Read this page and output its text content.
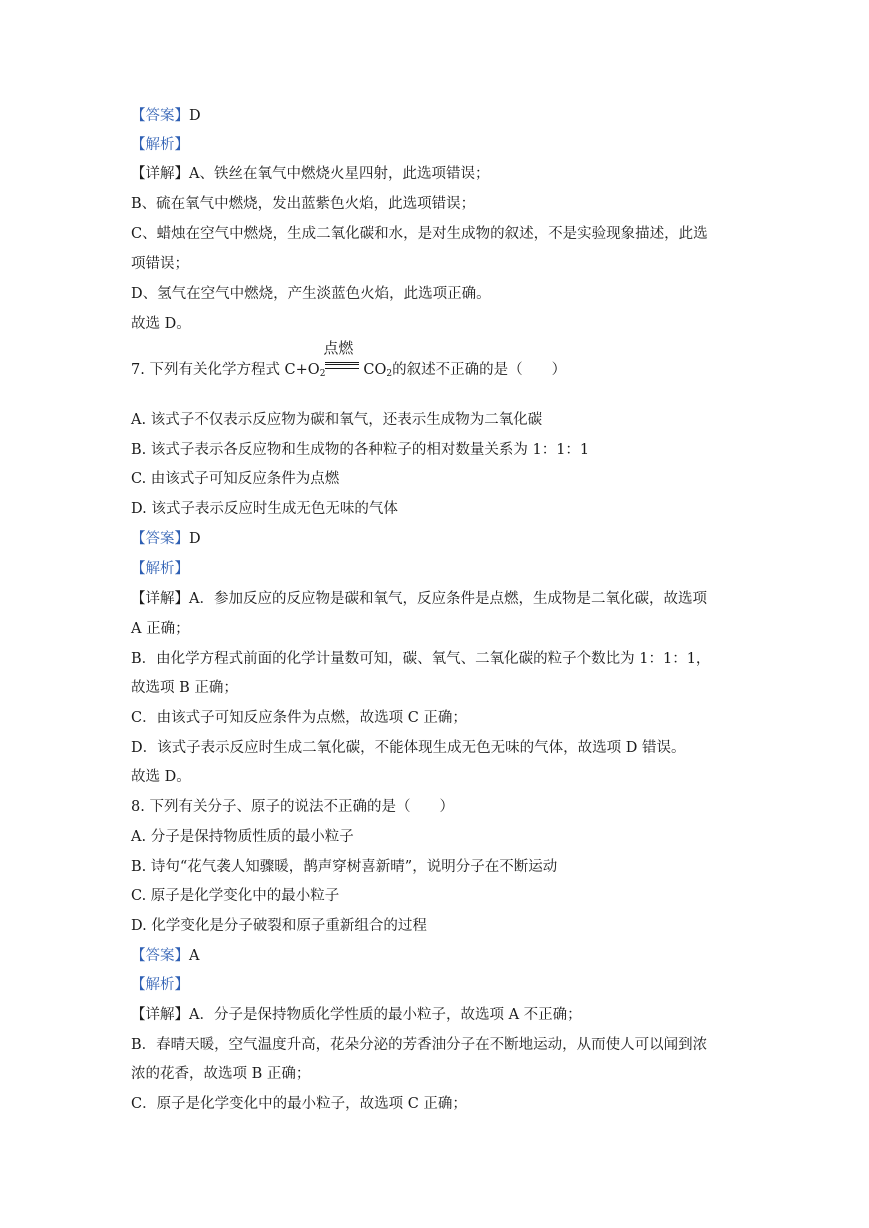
【答案】D
【解析】
【详解】A、铁丝在氧气中燃烧火星四射，此选项错误；
B、硫在氧气中燃烧，发出蓝紫色火焰，此选项错误；
C、蜡烛在空气中燃烧，生成二氧化碳和水，是对生成物的叙述，不是实验现象描述，此选
项错误；
D、氢气在空气中燃烧，产生淡蓝色火焰，此选项正确。
故选 D。
7. 下列有关化学方程式 $C+O_2$
点燃
$CO_2$的叙述不正确的是（　　）
A. 该式子不仅表示反应物为碳和氧气，还表示生成物为二氧化碳
B. 该式子表示各反应物和生成物的各种粒子的相对数量关系为 1：1：1
C. 由该式子可知反应条件为点燃
D. 该式子表示反应时生成无色无味的气体
【答案】D
【解析】
【详解】A．参加反应的反应物是碳和氧气，反应条件是点燃，生成物是二氧化碳，故选项
A 正确；
B．由化学方程式前面的化学计量数可知，碳、氧气、二氧化碳的粒子个数比为 1：1：1，
故选项 B 正确；
C．由该式子可知反应条件为点燃，故选项 C 正确；
D．该式子表示反应时生成二氧化碳，不能体现生成无色无味的气体，故选项 D 错误。
故选 D。
8. 下列有关分子、原子的说法不正确的是（　　）
A. 分子是保持物质性质的最小粒子
B. 诗句“花气袭人知骤暖，鹊声穿树喜新晴”，说明分子在不断运动
C. 原子是化学变化中的最小粒子
D. 化学变化是分子破裂和原子重新组合的过程
【答案】A
【解析】
【详解】A．分子是保持物质化学性质的最小粒子，故选项 A 不正确；
B．春晴天暖，空气温度升高，花朵分泌的芳香油分子在不断地运动，从而使人可以闻到浓
浓的花香，故选项 B 正确；
C．原子是化学变化中的最小粒子，故选项 C 正确；
